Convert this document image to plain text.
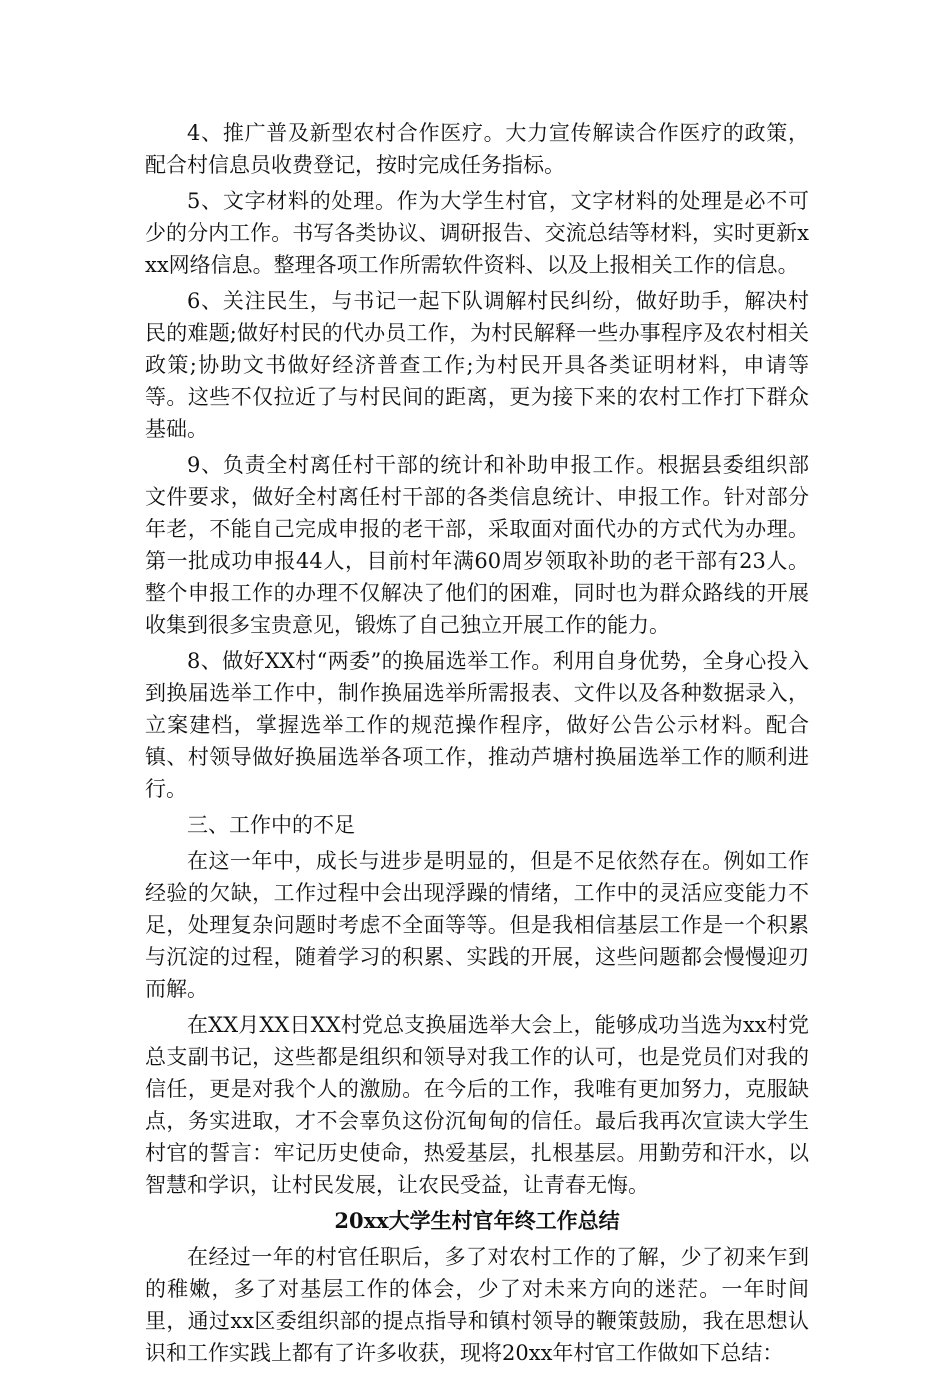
4、推广普及新型农村合作医疗。大力宣传解读合作医疗的政策，配合村信息员收费登记，按时完成任务指标。

5、文字材料的处理。作为大学生村官，文字材料的处理是必不可少的分内工作。书写各类协议、调研报告、交流总结等材料，实时更新xxx网络信息。整理各项工作所需软件资料、以及上报相关工作的信息。

6、关注民生，与书记一起下队调解村民纠纷，做好助手，解决村民的难题;做好村民的代办员工作，为村民解释一些办事程序及农村相关政策;协助文书做好经济普查工作;为村民开具各类证明材料，申请等等。这些不仅拉近了与村民间的距离，更为接下来的农村工作打下群众基础。

9、负责全村离任村干部的统计和补助申报工作。根据县委组织部文件要求，做好全村离任村干部的各类信息统计、申报工作。针对部分年老，不能自己完成申报的老干部，采取面对面代办的方式代为办理。第一批成功申报44人，目前村年满60周岁领取补助的老干部有23人。整个申报工作的办理不仅解决了他们的困难，同时也为群众路线的开展收集到很多宝贵意见，锻炼了自己独立开展工作的能力。

8、做好XX村“两委”的换届选举工作。利用自身优势，全身心投入到换届选举工作中，制作换届选举所需报表、文件以及各种数据录入，立案建档，掌握选举工作的规范操作程序，做好公告公示材料。配合镇、村领导做好换届选举各项工作，推动芦塘村换届选举工作的顺利进行。

三、工作中的不足

在这一年中，成长与进步是明显的，但是不足依然存在。例如工作经验的欠缺，工作过程中会出现浮躁的情绪，工作中的灵活应变能力不足，处理复杂问题时考虑不全面等等。但是我相信基层工作是一个积累与沉淀的过程，随着学习的积累、实践的开展，这些问题都会慢慢迎刃而解。

在XX月XX日XX村党总支换届选举大会上，能够成功当选为xx村党总支副书记，这些都是组织和领导对我工作的认可，也是党员们对我的信任，更是对我个人的激励。在今后的工作，我唯有更加努力，克服缺点，务实进取，才不会辜负这份沉甸甸的信任。最后我再次宣读大学生村官的誓言：牢记历史使命，热爱基层，扎根基层。用勤劳和汗水，以智慧和学识，让村民发展，让农民受益，让青春无悔。

20xx大学生村官年终工作总结

在经过一年的村官任职后，多了对农村工作的了解，少了初来乍到的稚嫩，多了对基层工作的体会，少了对未来方向的迷茫。一年时间里，通过xx区委组织部的提点指导和镇村领导的鞭策鼓励，我在思想认识和工作实践上都有了许多收获，现将20xx年村官工作做如下总结：
